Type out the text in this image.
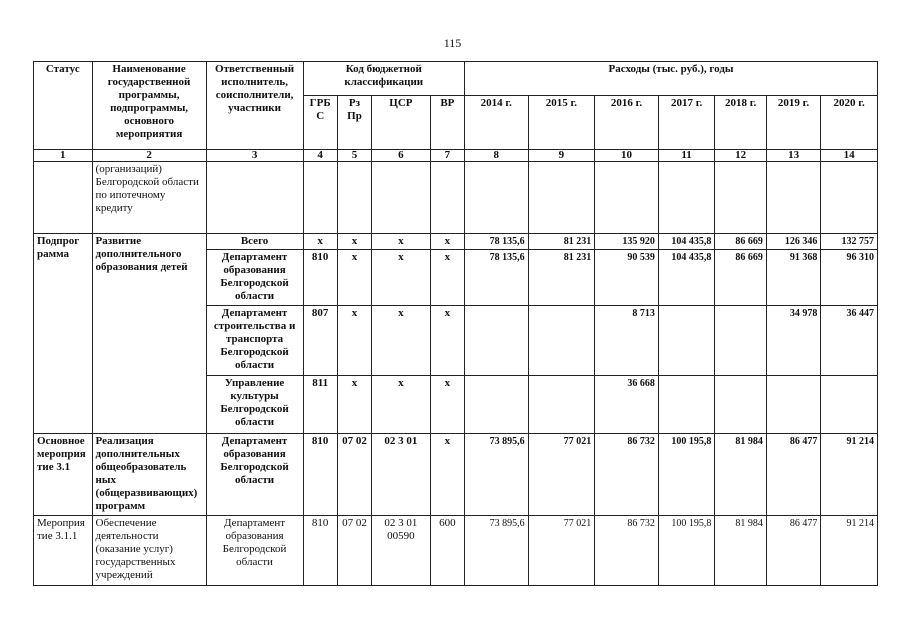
115
Статус	Наименование государственной программы, подпрограммы, основного мероприятия	Ответственный исполнитель, соисполнители, участники	Код бюджетной классификации				Расходы (тыс. руб.), годы						
			ГРБ С	Рз Пр	ЦСР	ВР	2014 г.	2015 г.	2016 г.	2017 г.	2018 г.	2019 г.	2020 г.
1	2	3	4	5	6	7	8	9	10	11	12	13	14
	(организаций) Белгородской области по ипотечному кредиту												
Подпрог рамма	Развитие дополнительного образования детей	Всего	х	х	х	х	78 135,6	81 231	135 920	104 435,8	86 669	126 346	132 757
		Департамент образования Белгородской области	810	х	х	х	78 135,6	81 231	90 539	104 435,8	86 669	91 368	96 310
		Департамент строительства и транспорта Белгородской области	807	х	х	х			8 713			34 978	36 447
		Управление культуры Белгородской области	811	х	х	х			36 668				
Основное мероприя тие 3.1	Реализация дополнительных общеобразователь ных (общеразвивающих) программ	Департамент образования Белгородской области	810	07 02	02 3 01	х	73 895,6	77 021	86 732	100 195,8	81 984	86 477	91 214
Мероприя тие 3.1.1	Обеспечение деятельности (оказание услуг) государственных учреждений	Департамент образования Белгородской области	810	07 02	02 3 01 00590	600	73 895,6	77 021	86 732	100 195,8	81 984	86 477	91 214
